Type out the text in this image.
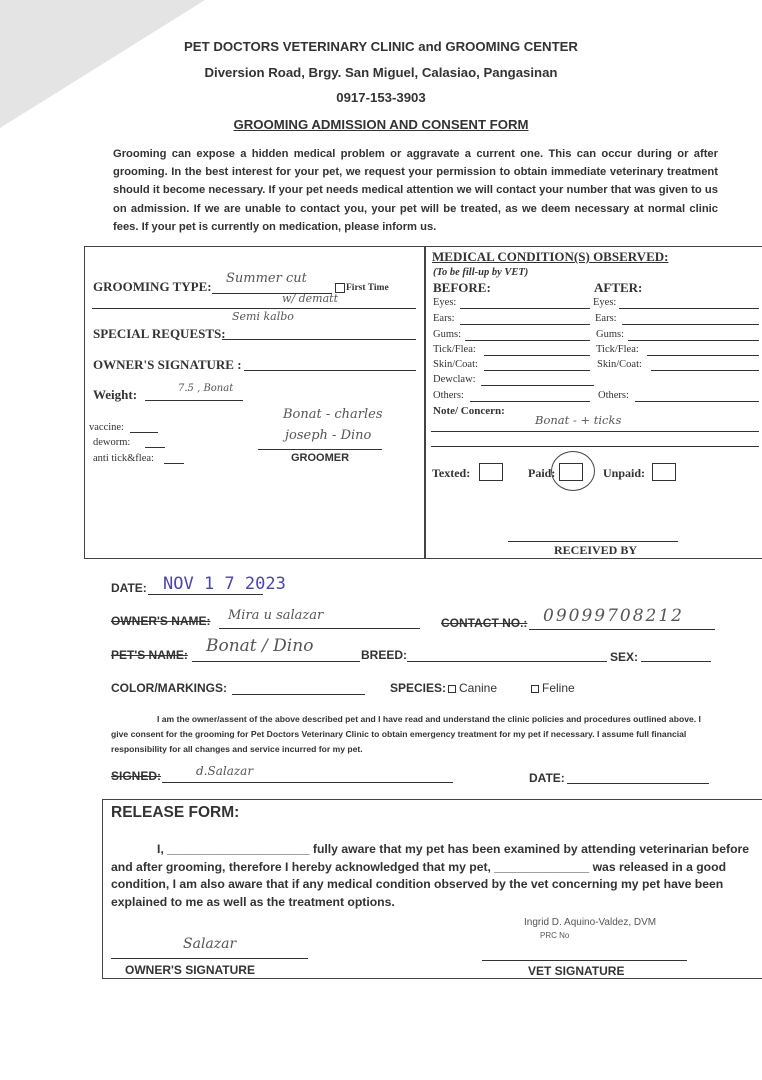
PET DOCTORS VETERINARY CLINIC and GROOMING CENTER
Diversion Road, Brgy. San Miguel, Calasiao, Pangasinan
0917-153-3903
GROOMING ADMISSION AND CONSENT FORM
Grooming can expose a hidden medical problem or aggravate a current one. This can occur during or after grooming. In the best interest for your pet, we request your permission to obtain immediate veterinary treatment should it become necessary. If your pet needs medical attention we will contact your number that was given to us on admission. If we are unable to contact you, your pet will be treated, as we deem necessary at normal clinic fees. If your pet is currently on medication, please inform us.
GROOMING TYPE:
Summer cut
First Time
w/ dematt
Semi kalbo
SPECIAL REQUESTS:
OWNER'S SIGNATURE :
Weight:	7.5 , Bonat
vaccine:
deworm:
anti tick&flea:
Bonat - charles
joseph - Dino
GROOMER
MEDICAL CONDITION(S) OBSERVED:
(To be fill-up by VET)
BEFORE:	AFTER:
Eyes:	Eyes:
Ears:	Ears:
Gums:	Gums:
Tick/Flea:	Tick/Flea:
Skin/Coat:	Skin/Coat:
Dewclaw:
Others:	Others:
Note/ Concern:
Bonat - + ticks
Texted:	Paid:	Unpaid:
RECEIVED BY
DATE: NOV 1 7 2023
OWNER'S NAME: Mira u salazar	CONTACT NO.: 09099708212
PET'S NAME: Bonat / Dino	BREED:	SEX:
COLOR/MARKINGS:	SPECIES: Canine	Feline
I am the owner/assent of the above described pet and I have read and understand the clinic policies and procedures outlined above. I give consent for the grooming for Pet Doctors Veterinary Clinic to obtain emergency treatment for my pet if necessary. I assume full financial responsibility for all changes and service incurred for my pet.
SIGNED:	d.Salazar	DATE:
RELEASE FORM:
I, _____________________ fully aware that my pet has been examined by attending veterinarian before and after grooming, therefore I hereby acknowledged that my pet, ______________ was released in a good condition, I am also aware that if any medical condition observed by the vet concerning my pet have been explained to me as well as the treatment options.
Salazar
OWNER'S SIGNATURE
Ingrid D. Aquino-Valdez, DVM
PRC No
VET SIGNATURE
